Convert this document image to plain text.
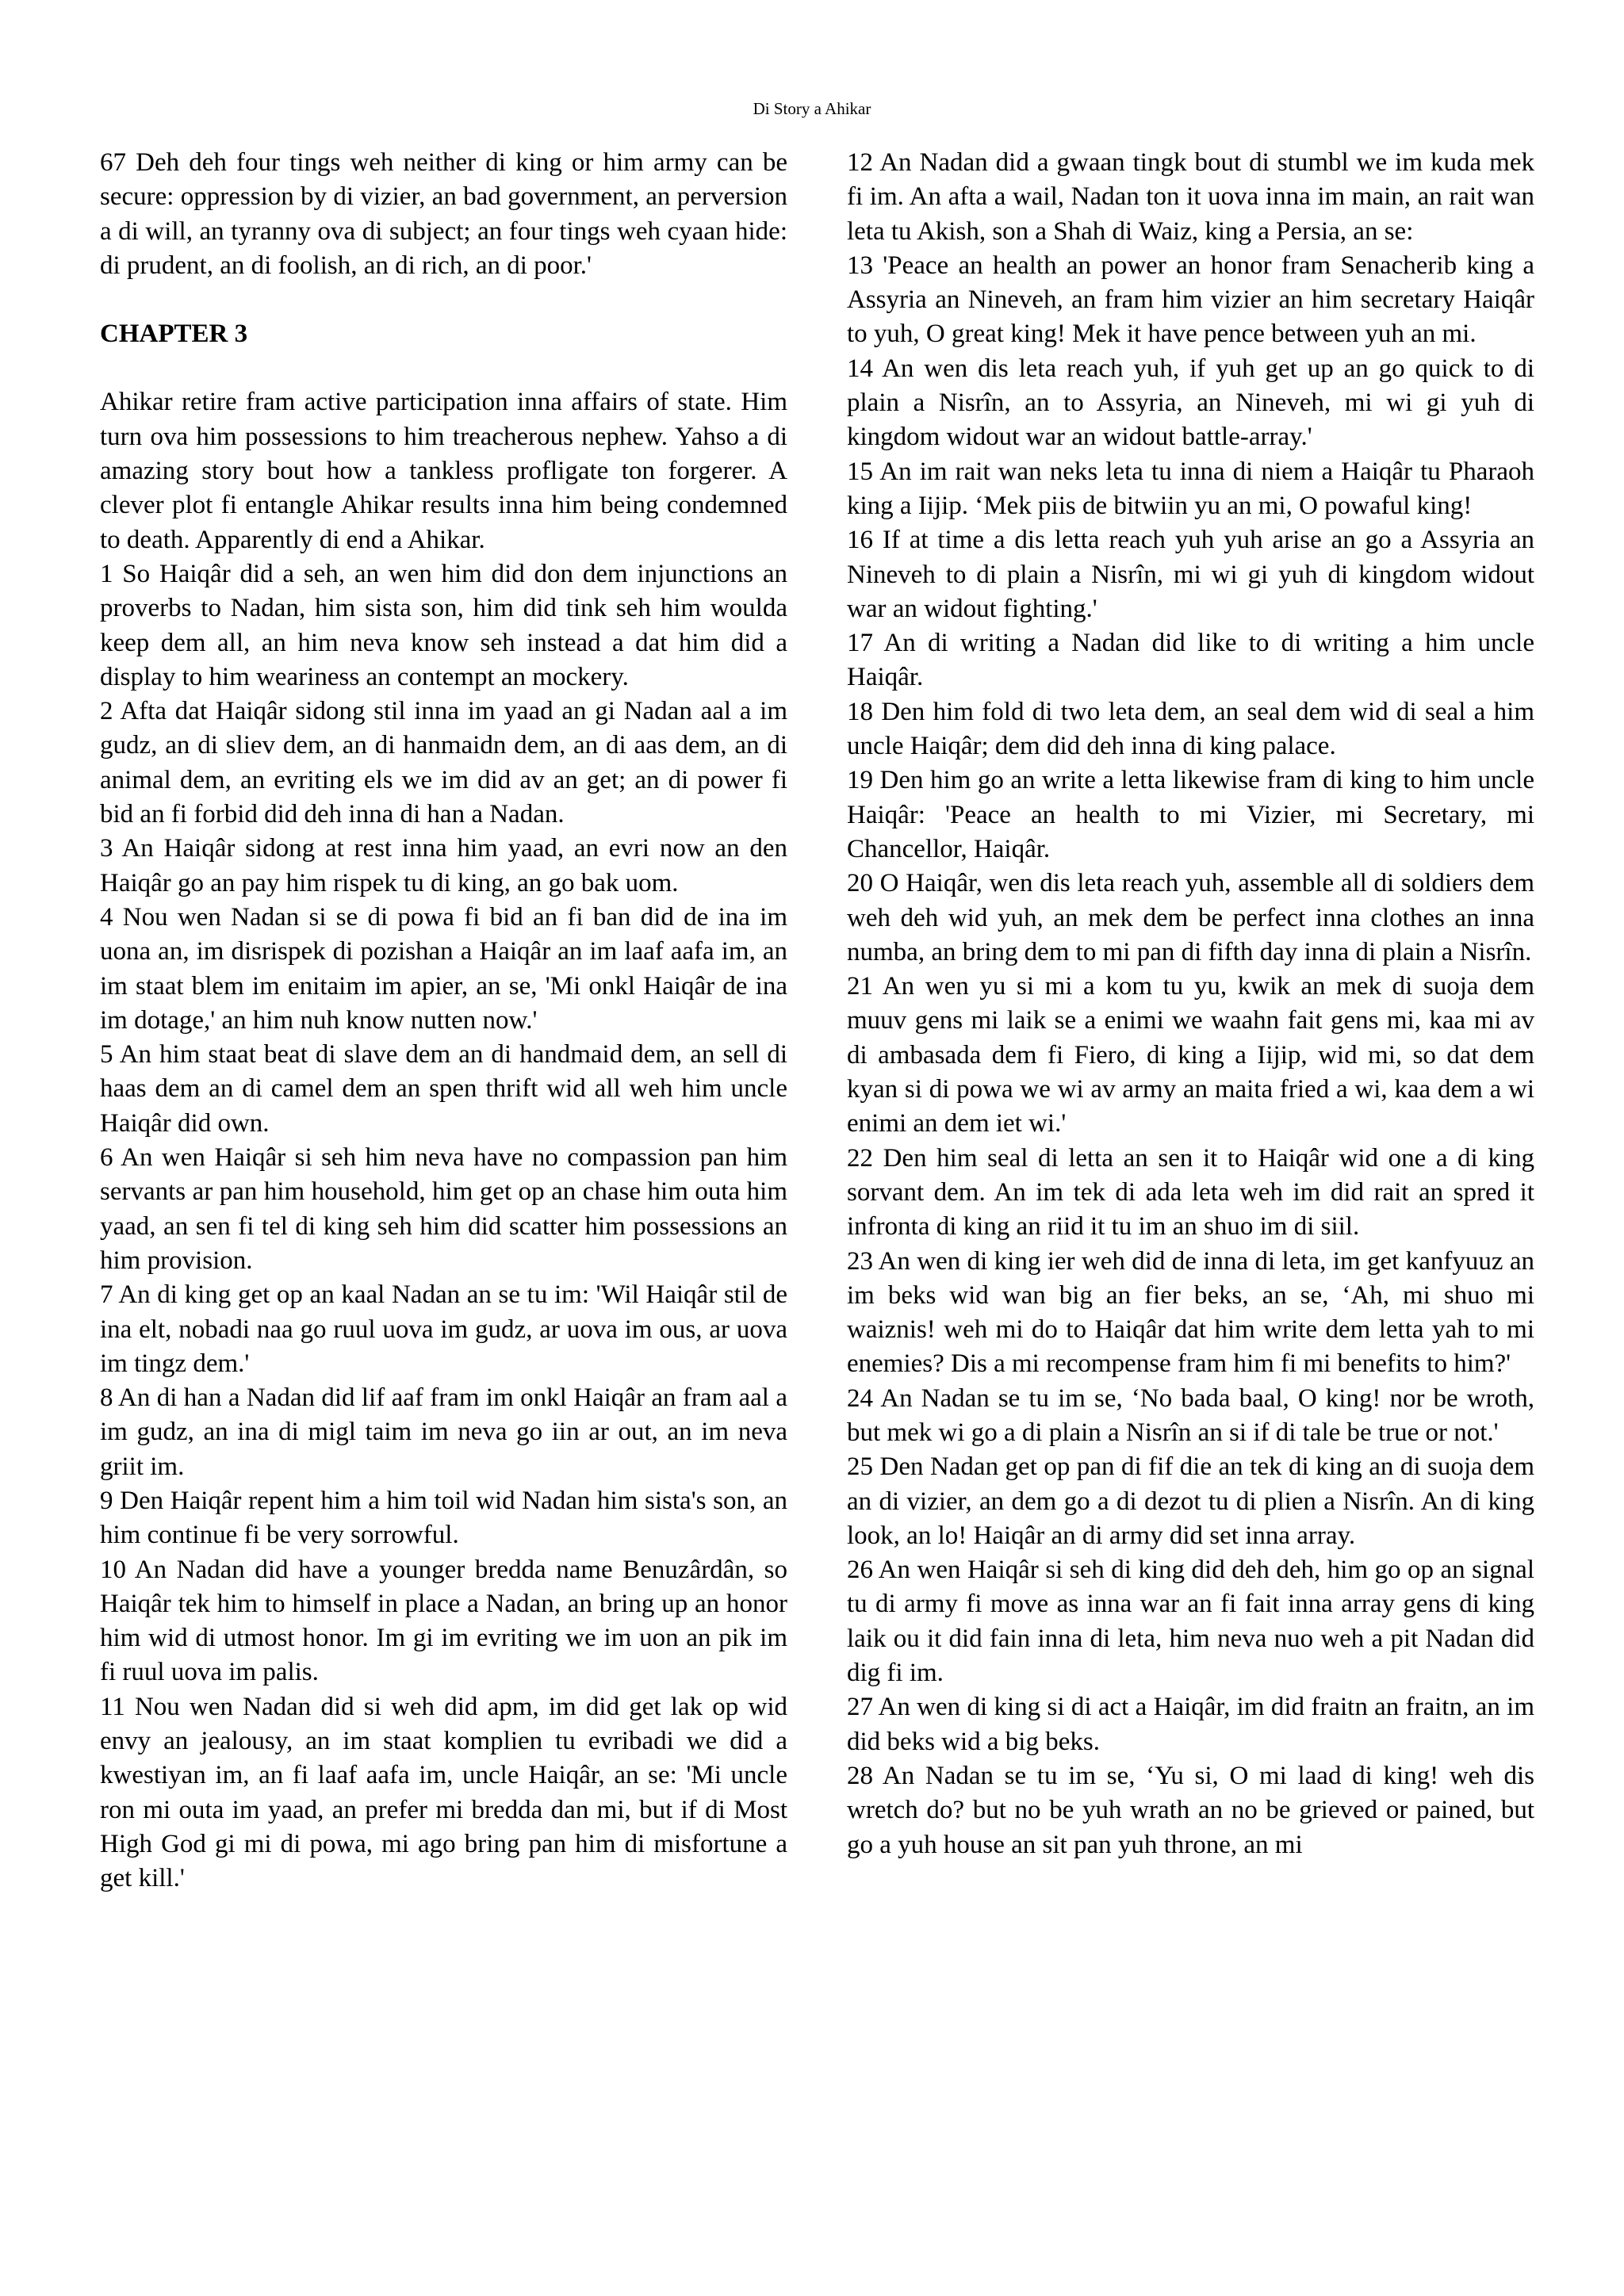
Di Story a Ahikar

67 Deh deh four tings weh neither di king or him army can be secure: oppression by di vizier, an bad government, an perversion a di will, an tyranny ova di subject; an four tings weh cyaan hide: di prudent, an di foolish, an di rich, an di poor.'

CHAPTER 3

Ahikar retire fram active participation inna affairs of state. Him turn ova him possessions to him treacherous nephew. Yahso a di amazing story bout how a tankless profligate ton forgerer. A clever plot fi entangle Ahikar results inna him being condemned to death. Apparently di end a Ahikar.

1 So Haiqâr did a seh, an wen him did don dem injunctions an proverbs to Nadan, him sista son, him did tink seh him woulda keep dem all, an him neva know seh instead a dat him did a display to him weariness an contempt an mockery.

2 Afta dat Haiqâr sidong stil inna im yaad an gi Nadan aal a im gudz, an di sliev dem, an di hanmaidn dem, an di aas dem, an di animal dem, an evriting els we im did av an get; an di power fi bid an fi forbid did deh inna di han a Nadan.

3 An Haiqâr sidong at rest inna him yaad, an evri now an den Haiqâr go an pay him rispek tu di king, an go bak uom.

4 Nou wen Nadan si se di powa fi bid an fi ban did de ina im uona an, im disrispek di pozishan a Haiqâr an im laaf aafa im, an im staat blem im enitaim im apier, an se, 'Mi onkl Haiqâr de ina im dotage,' an him nuh know nutten now.'

5 An him staat beat di slave dem an di handmaid dem, an sell di haas dem an di camel dem an spen thrift wid all weh him uncle Haiqâr did own.

6 An wen Haiqâr si seh him neva have no compassion pan him servants ar pan him household, him get op an chase him outa him yaad, an sen fi tel di king seh him did scatter him possessions an him provision.

7 An di king get op an kaal Nadan an se tu im: 'Wil Haiqâr stil de ina elt, nobadi naa go ruul uova im gudz, ar uova im ous, ar uova im tingz dem.'

8 An di han a Nadan did lif aaf fram im onkl Haiqâr an fram aal a im gudz, an ina di migl taim im neva go iin ar out, an im neva griit im.

9 Den Haiqâr repent him a him toil wid Nadan him sista's son, an him continue fi be very sorrowful.

10 An Nadan did have a younger bredda name Benuzârdân, so Haiqâr tek him to himself in place a Nadan, an bring up an honor him wid di utmost honor. Im gi im evriting we im uon an pik im fi ruul uova im palis.

11 Nou wen Nadan did si weh did apm, im did get lak op wid envy an jealousy, an im staat komplien tu evribadi we did a kwestiyan im, an fi laaf aafa im, uncle Haiqâr, an se: 'Mi uncle ron mi outa im yaad, an prefer mi bredda dan mi, but if di Most High God gi mi di powa, mi ago bring pan him di misfortune a get kill.'

12 An Nadan did a gwaan tingk bout di stumbl we im kuda mek fi im. An afta a wail, Nadan ton it uova inna im main, an rait wan leta tu Akish, son a Shah di Waiz, king a Persia, an se:

13 'Peace an health an power an honor fram Senacherib king a Assyria an Nineveh, an fram him vizier an him secretary Haiqâr to yuh, O great king! Mek it have pence between yuh an mi.

14 An wen dis leta reach yuh, if yuh get up an go quick to di plain a Nisrîn, an to Assyria, an Nineveh, mi wi gi yuh di kingdom widout war an widout battle-array.'

15 An im rait wan neks leta tu inna di niem a Haiqâr tu Pharaoh king a Iijip. ‘Mek piis de bitwiin yu an mi, O powaful king!

16 If at time a dis letta reach yuh yuh arise an go a Assyria an Nineveh to di plain a Nisrîn, mi wi gi yuh di kingdom widout war an widout fighting.'

17 An di writing a Nadan did like to di writing a him uncle Haiqâr.

18 Den him fold di two leta dem, an seal dem wid di seal a him uncle Haiqâr; dem did deh inna di king palace.

19 Den him go an write a letta likewise fram di king to him uncle Haiqâr: 'Peace an health to mi Vizier, mi Secretary, mi Chancellor, Haiqâr.

20 O Haiqâr, wen dis leta reach yuh, assemble all di soldiers dem weh deh wid yuh, an mek dem be perfect inna clothes an inna numba, an bring dem to mi pan di fifth day inna di plain a Nisrîn.

21 An wen yu si mi a kom tu yu, kwik an mek di suoja dem muuv gens mi laik se a enimi we waahn fait gens mi, kaa mi av di ambasada dem fi Fiero, di king a Iijip, wid mi, so dat dem kyan si di powa we wi av army an maita fried a wi, kaa dem a wi enimi an dem iet wi.'

22 Den him seal di letta an sen it to Haiqâr wid one a di king sorvant dem. An im tek di ada leta weh im did rait an spred it infronta di king an riid it tu im an shuo im di siil.

23 An wen di king ier weh did de inna di leta, im get kanfyuuz an im beks wid wan big an fier beks, an se, ‘Ah, mi shuo mi waiznis! weh mi do to Haiqâr dat him write dem letta yah to mi enemies? Dis a mi recompense fram him fi mi benefits to him?'

24 An Nadan se tu im se, ‘No bada baal, O king! nor be wroth, but mek wi go a di plain a Nisrîn an si if di tale be true or not.'

25 Den Nadan get op pan di fif die an tek di king an di suoja dem an di vizier, an dem go a di dezot tu di plien a Nisrîn. An di king look, an lo! Haiqâr an di army did set inna array.

26 An wen Haiqâr si seh di king did deh deh, him go op an signal tu di army fi move as inna war an fi fait inna array gens di king laik ou it did fain inna di leta, him neva nuo weh a pit Nadan did dig fi im.

27 An wen di king si di act a Haiqâr, im did fraitn an fraitn, an im did beks wid a big beks.

28 An Nadan se tu im se, ‘Yu si, O mi laad di king! weh dis wretch do? but no be yuh wrath an no be grieved or pained, but go a yuh house an sit pan yuh throne, an mi
